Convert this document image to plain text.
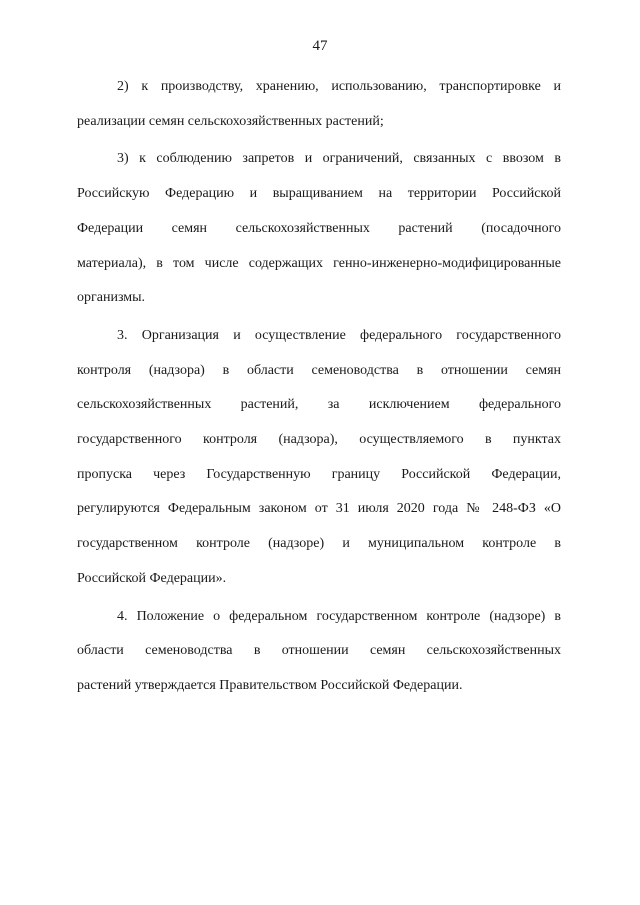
47
2) к производству, хранению, использованию, транспортировке и
реализации семян сельскохозяйственных растений;
3) к соблюдению запретов и ограничений, связанных с ввозом в
Российскую Федерацию и выращиванием на территории Российской
Федерации семян сельскохозяйственных растений (посадочного
материала), в том числе содержащих генно-инженерно-модифицированные
организмы.
3. Организация и осуществление федерального государственного
контроля (надзора) в области семеноводства в отношении семян
сельскохозяйственных растений, за исключением федерального
государственного контроля (надзора), осуществляемого в пунктах
пропуска через Государственную границу Российской Федерации,
регулируются Федеральным законом от 31 июля 2020 года № 248-ФЗ «О
государственном контроле (надзоре) и муниципальном контроле в
Российской Федерации».
4. Положение о федеральном государственном контроле (надзоре) в
области семеноводства в отношении семян сельскохозяйственных
растений утверждается Правительством Российской Федерации.
